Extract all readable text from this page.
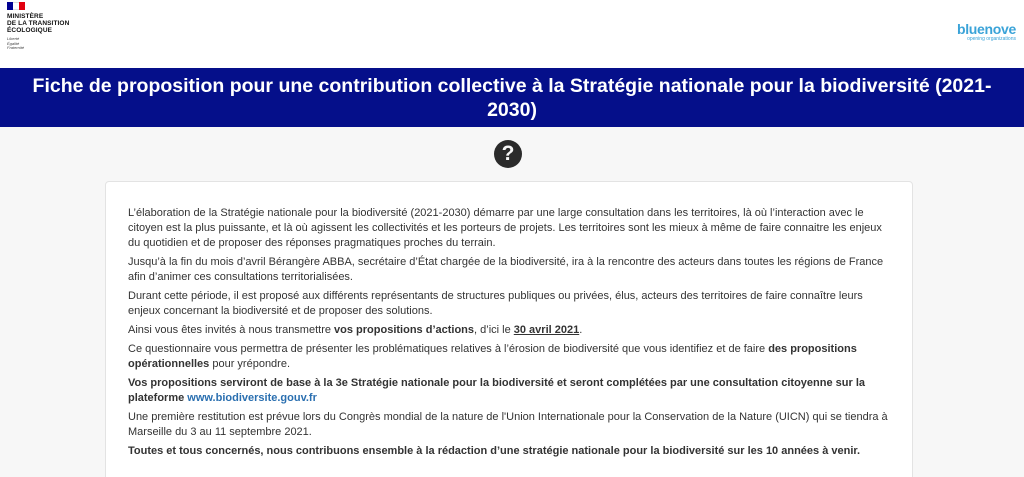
MINISTÈRE
DE LA TRANSITION
ÉCOLOGIQUE
Liberté
Égalité
Fraternité
bluenove
opening organizations
Fiche de proposition pour une contribution collective à la Stratégie nationale pour la biodiversité (2021-2030)
?

L’élaboration de la Stratégie nationale pour la biodiversité (2021-2030) démarre par une large consultation dans les territoires, là où l’interaction avec le citoyen est la plus puissante, et là où agissent les collectivités et les porteurs de projets. Les territoires sont les mieux à même de faire connaitre les enjeux du quotidien et de proposer des réponses pragmatiques proches du terrain.

Jusqu’à la fin du mois d’avril Bérangère ABBA, secrétaire d’État chargée de la biodiversité, ira à la rencontre des acteurs dans toutes les régions de France afin d’animer ces consultations territorialisées.

Durant cette période, il est proposé aux différents représentants de structures publiques ou privées, élus, acteurs des territoires de faire connaître leurs enjeux concernant la biodiversité et de proposer des solutions.

Ainsi vous êtes invités à nous transmettre vos propositions d’actions, d’ici le 30 avril 2021.

Ce questionnaire vous permettra de présenter les problématiques relatives à l’érosion de biodiversité que vous identifiez et de faire des propositions opérationnelles pour yrépondre.

Vos propositions serviront de base à la 3e Stratégie nationale pour la biodiversité et seront complétées par une consultation citoyenne sur la plateforme www.biodiversite.gouv.fr

Une première restitution est prévue lors du Congrès mondial de la nature de l'Union Internationale pour la Conservation de la Nature (UICN) qui se tiendra à Marseille du 3 au 11 septembre 2021.

Toutes et tous concernés, nous contribuons ensemble à la rédaction d’une stratégie nationale pour la biodiversité sur les 10 années à venir.
